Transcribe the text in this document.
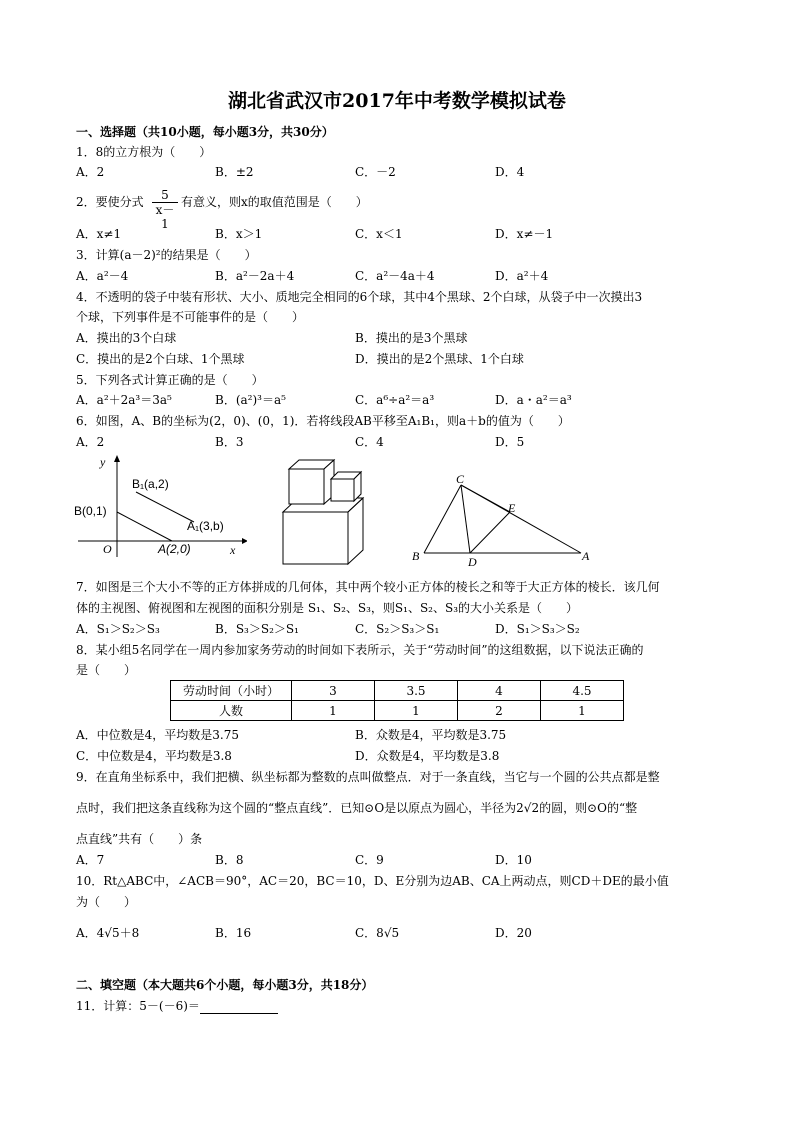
湖北省武汉市2017年中考数学模拟试卷
一、选择题（共10小题，每小题3分，共30分）
1．8的立方根为（　　）
A．2	B．±2	C．－2	D．4
2．要使分式 $\frac{5}{x-1}$ 有意义，则x的取值范围是（　　）
A．x≠1	B．x＞1	C．x＜1	D．x≠－1
3．计算(a－2)²的结果是（　　）
A．a²－4	B．a²－2a＋4	C．a²－4a＋4	D．a²＋4
4．不透明的袋子中装有形状、大小、质地完全相同的6个球，其中4个黑球、2个白球，从袋子中一次摸出3
个球，下列事件是不可能事件的是（　　）
A．摸出的3个白球	B．摸出的是3个黑球
C．摸出的是2个白球、1个黑球	D．摸出的是2个黑球、1个白球
5．下列各式计算正确的是（　　）
A．a²＋2a³＝3a⁵	B．(a²)³＝a⁵	C．a⁶÷a²＝a³	D．a・a²＝a³
6．如图，A、B的坐标为(2，0)、(0，1)．若将线段AB平移至A₁B₁，则a＋b的值为（　　）
A．2	B．3	C．4	D．5
y
x
O
B(0,1)
A(2,0)
B₁(a,2)
A₁(3,b)
C
E
B	D	A
7．如图是三个大小不等的正方体拼成的几何体，其中两个较小正方体的棱长之和等于大正方体的棱长．该几何
体的主视图、俯视图和左视图的面积分别是 S₁、S₂、S₃，则S₁、S₂、S₃的大小关系是（　　）
A．S₁＞S₂＞S₃	B．S₃＞S₂＞S₁	C．S₂＞S₃＞S₁	D．S₁＞S₃＞S₂
8．某小组5名同学在一周内参加家务劳动的时间如下表所示，关于“劳动时间”的这组数据，以下说法正确的
是（　　）
劳动时间（小时）	3	3.5	4	4.5
人数	1	1	2	1
A．中位数是4，平均数是3.75	B．众数是4，平均数是3.75
C．中位数是4，平均数是3.8	D．众数是4，平均数是3.8
9．在直角坐标系中，我们把横、纵坐标都为整数的点叫做整点．对于一条直线，当它与一个圆的公共点都是整
点时，我们把这条直线称为这个圆的“整点直线”．已知⊙O是以原点为圆心，半径为2√2的圆，则⊙O的“整
点直线”共有（　　）条
A．7	B．8	C．9	D．10
10．Rt△ABC中，∠ACB＝90°，AC＝20，BC＝10，D、E分别为边AB、CA上两动点，则CD＋DE的最小值
为（　　）
A．4√5＋8	B．16	C．8√5	D．20
二、填空题（本大题共6个小题，每小题3分，共18分）
11．计算：5－(－6)＝
